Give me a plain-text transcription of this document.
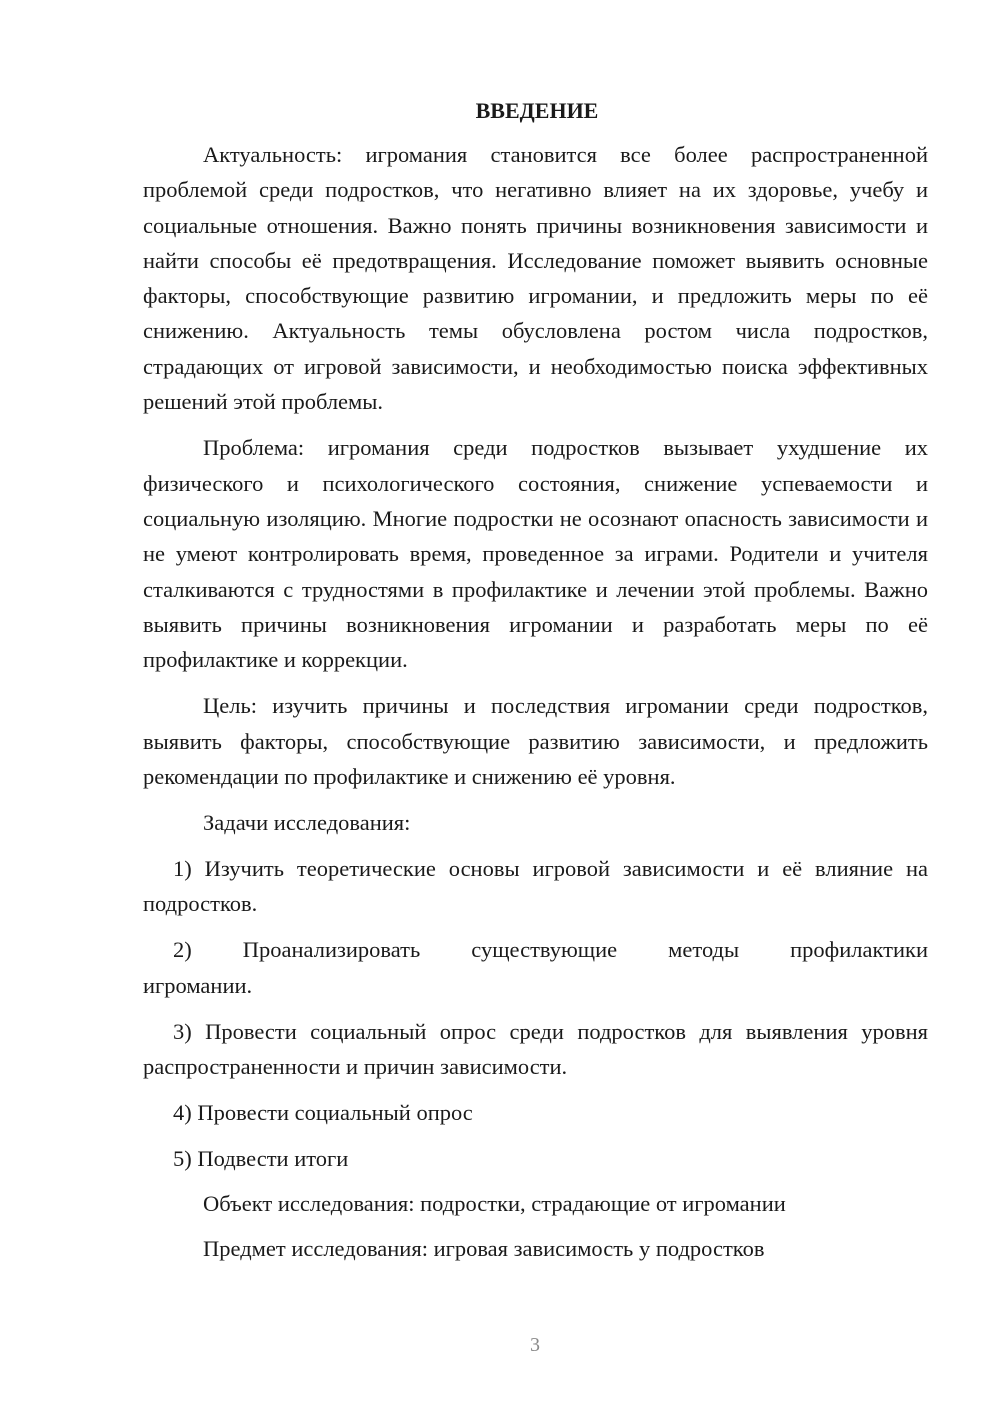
ВВЕДЕНИЕ

Актуальность: игромания становится все более распространенной проблемой среди подростков, что негативно влияет на их здоровье, учебу и социальные отношения. Важно понять причины возникновения зависимости и найти способы её предотвращения. Исследование поможет выявить основные факторы, способствующие развитию игромании, и предложить меры по её снижению. Актуальность темы обусловлена ростом числа подростков, страдающих от игровой зависимости, и необходимостью поиска эффективных решений этой проблемы.

Проблема: игромания среди подростков вызывает ухудшение их физического и психологического состояния, снижение успеваемости и социальную изоляцию. Многие подростки не осознают опасность зависимости и не умеют контролировать время, проведенное за играми. Родители и учителя сталкиваются с трудностями в профилактике и лечении этой проблемы. Важно выявить причины возникновения игромании и разработать меры по её профилактике и коррекции.

Цель: изучить причины и последствия игромании среди подростков, выявить факторы, способствующие развитию зависимости, и предложить рекомендации по профилактике и снижению её уровня.

Задачи исследования:

1) Изучить теоретические основы игровой зависимости и её влияние на подростков.

2) Проанализировать существующие методы профилактики
игромании.

3) Провести социальный опрос среди подростков для выявления уровня распространенности и причин зависимости.

4) Провести социальный опрос

5) Подвести итоги

Объект исследования: подростки, страдающие от игромании

Предмет исследования: игровая зависимость у подростков

3
